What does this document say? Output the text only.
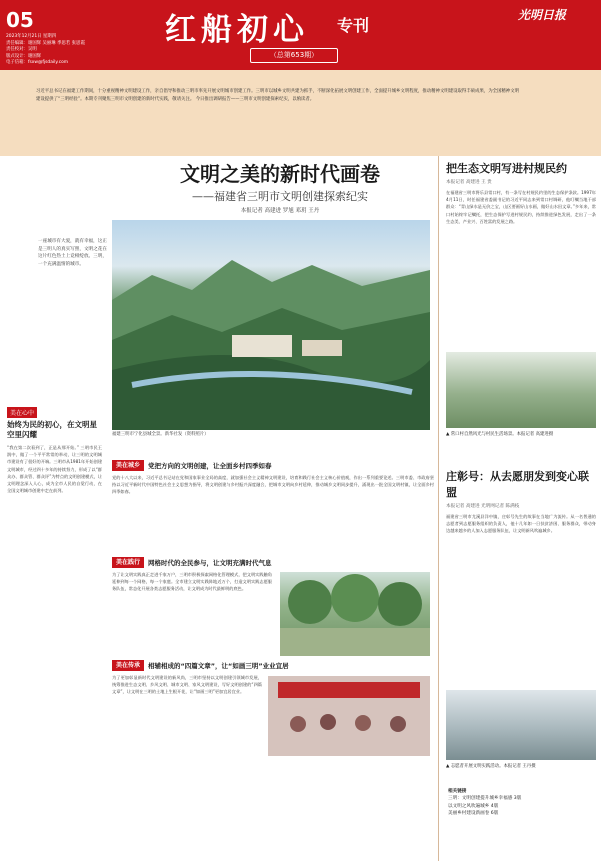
05
2023年12月21日 星期四
责任编辑：谢国辉 吴丽琳 季思若 张思霞
责任校对：吴明
版式设计：谢国辉
电子信箱：fsxw@fjsdaily.com
红船初心 专刊
（总第653期）
光明日报
习近平总书记在福建工作期间，十分重视精神文明建设工作，亲自倡导和推动三明市率先开展文明城市创建工作。三明市以城乡文明共建为抓手，不断深化拓展文明创建工作，全面提升城乡文明程度，推动精神文明建设取得丰硕成果，为全国精神文明建设提供了“三明经验”。本期专刊聚焦三明市文明创建的新时代实践，敬请关注。 今日推出调研报告——三明市文明创建探索纪实，以飨读者。
文明之美的新时代画卷
——福建省三明市文明创建探索纪实
本报记者 高建进 罗旭 邓玥 王丹
一座城市有大爱，就有幸福，这正是三明人的真实写照，文明之花在这片红色热土上竞相绽放。三明，一个充满温情的城市。
福建三明市宁化县城全景。新华社发（资料照片）
美在心中
始终为民的初心，在文明星空里闪耀
“我在第二次看到了，正是从那开始。” 三明市民王润中，做了一个平平常常的举动，让三明的文明城市建设有了很好的开端。三明市从1981年开始创建文明城市，经过四十多年的持续努力，形成了以“群众办、群众管、群众评”为特点的文明创建模式，让文明理念深入人心，成为全市人民的自觉行动，在全国文明城市创建中走在前列。
美在城乡	党把方向的文明创建，让全面乡村四季如春
党的十八大以来，习近平总书记站在党和国家事业全局的高度，就加强社会主义精神文明建设，培育和践行社会主义核心价值观，作出一系列重要论述。三明市委、市政府坚持以习近平新时代中国特色社会主义思想为指导，将文明创建与乡村振兴深度融合，把城市文明向乡村延伸，推动城乡文明同步提升，涌现出一批全国文明村镇，让全面乡村四季如春。
美在践行	网格时代的全民参与，让文明充满时代气息
为了让文明实践真正走进千家万户，三明市积极探索网格化管理模式，把文明实践触角延伸到每一个网格，每一个家庭。全市建立文明实践阵地近万个，打造文明实践志愿服务队伍，常态化开展各类志愿服务活动，让文明成为时代最鲜明的底色。
美在传承	相辅相成的“四篇文章”，让“如画三明”业业宜居
为了更加彰显新时代文明建设的新风尚，三明市坚持以文明创建引领城市发展，统筹推进生态文明、乡风文明、城市文明、家风文明建设，写好文明创建的“四篇文章”，让文明在三明的土地上生根开花，让“如画三明”更加宜居宜业。
把生态文明写进村规民约
本报记者 高建进 王 贵
在福建省三明市将乐县常口村，有一条写在村规民约里的生态保护条款。1997年4月11日，时任福建省委副书记的习近平同志来到常口村调研，他叮嘱当地干部群众：“青山绿水是无价之宝，山区要画好山水画，做好山水田文章。”多年来，常口村始终牢记嘱托，把生态保护写进村规民约，持续推进绿色发展，走出了一条生态美、产业兴、百姓富的发展之路。
▲ 常口村自然风光与村民生活场景。本报记者 高建进摄
庄彰号：从去愿朋发到变心联盟
本报记者 高建进 光明网记者 陈满枝
福建省三明市尤溪县洋中镇，庄彰号先生的故事在当地广为流传。从一名普通的志愿者到志愿服务组织的负责人，他十几年如一日扶贫济困、服务群众，带动身边越来越多的人加入志愿服务队伍，让文明新风吹遍城乡。
▲ 志愿者开展文明实践活动。本报记者 王丹摄
相关链接
三明：文明创建提升城乡幸福感 3版
以文明之风吹遍城乡 4版
美丽乡村建设新画卷 6版
